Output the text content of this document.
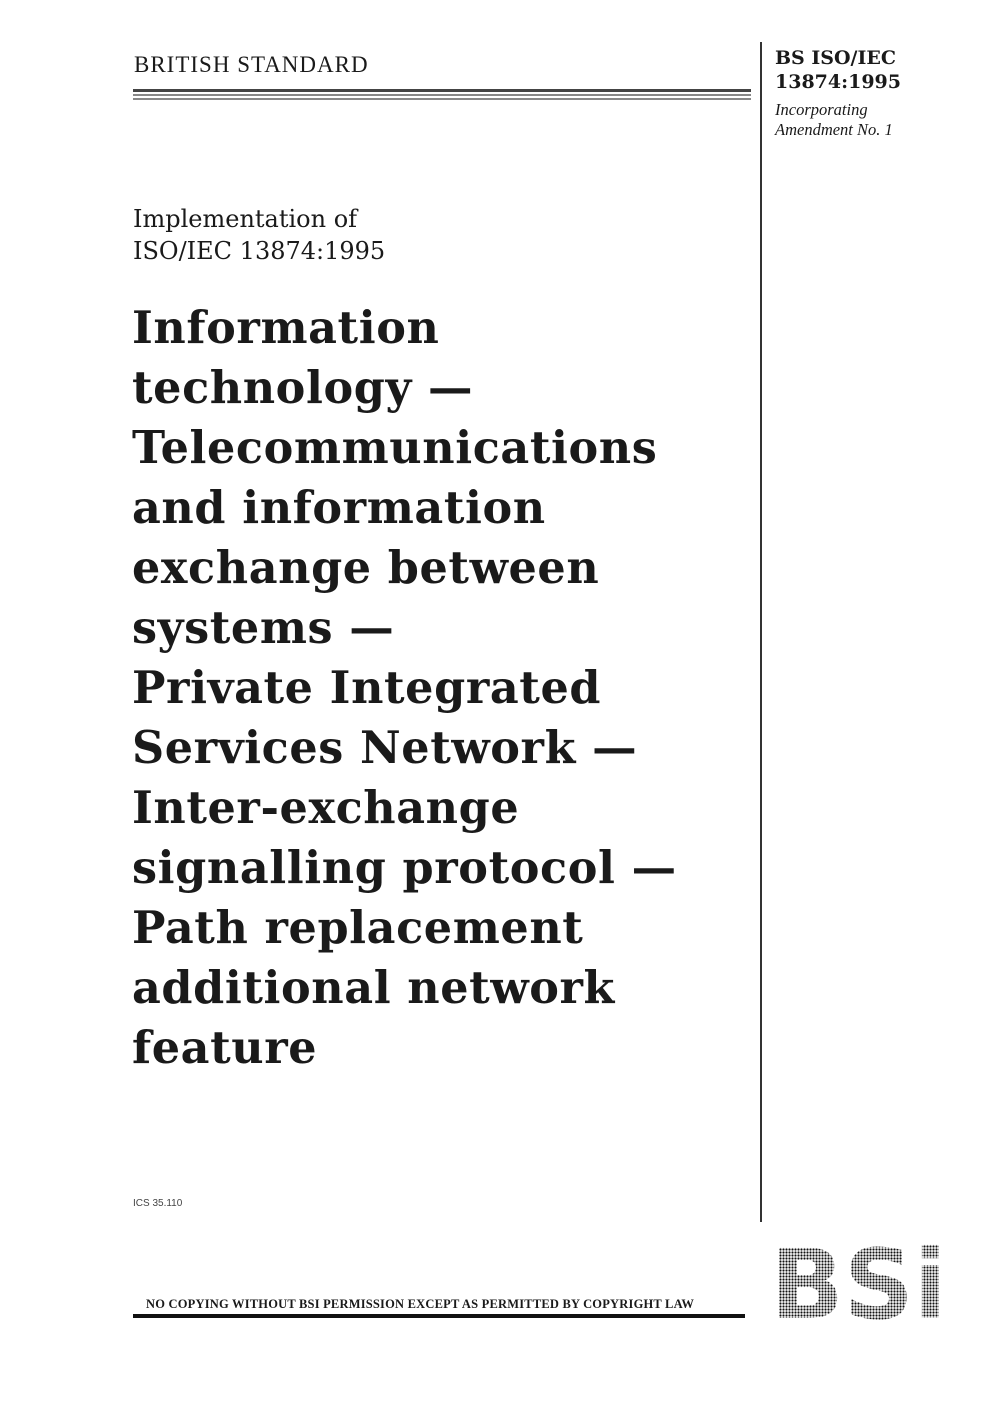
BRITISH STANDARD	BS ISO/IEC
13874:1995
Incorporating
Amendment No. 1
Implementation of
ISO/IEC 13874:1995
Information
technology —
Telecommunications
and information
exchange between
systems —
Private Integrated
Services Network —
Inter-exchange
signalling protocol —
Path replacement
additional network
feature
ICS 35.110
NO COPYING WITHOUT BSI PERMISSION EXCEPT AS PERMITTED BY COPYRIGHT LAW BSi
